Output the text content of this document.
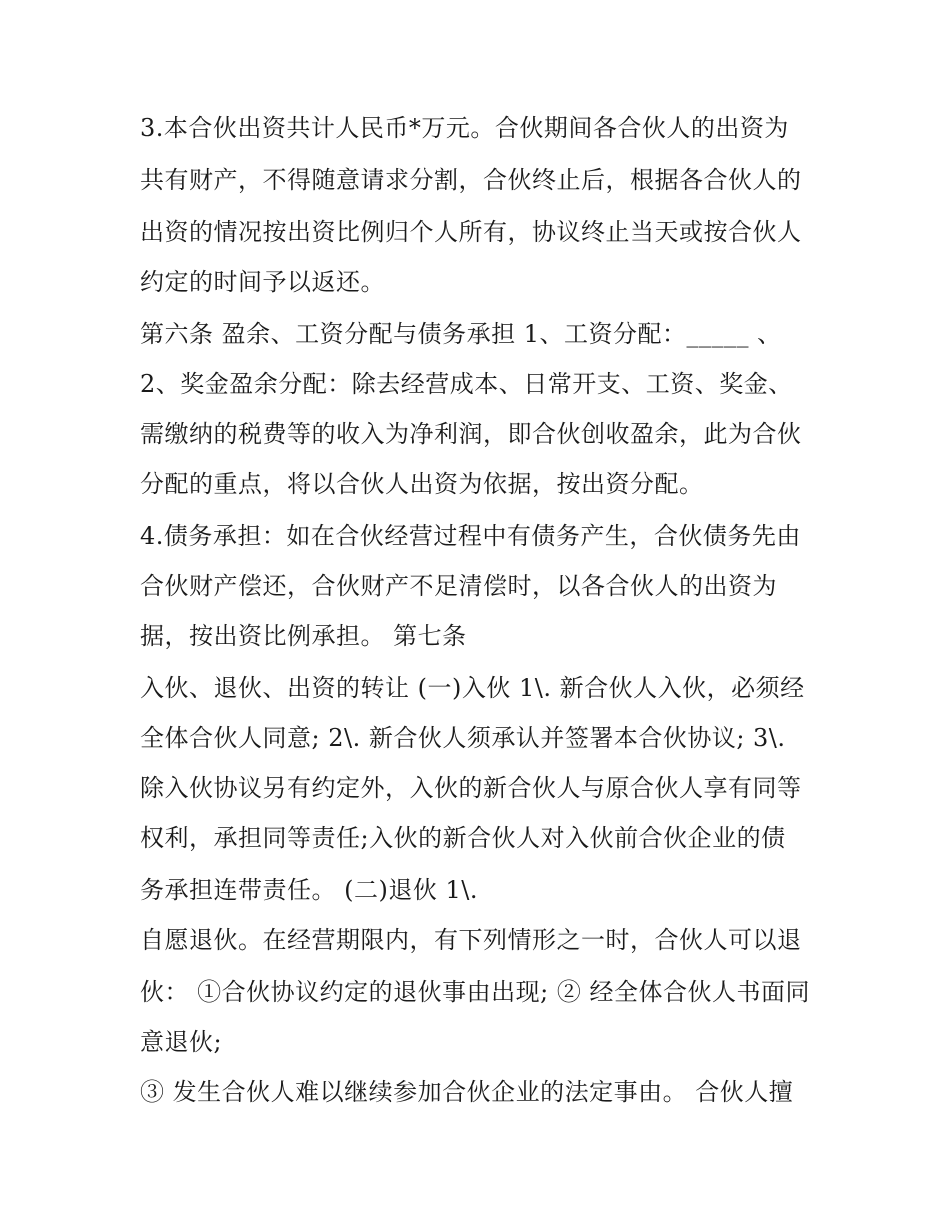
3.本合伙出资共计人民币*万元。合伙期间各合伙人的出资为

共有财产，不得随意请求分割，合伙终止后，根据各合伙人的

出资的情况按出资比例归个人所有，协议终止当天或按合伙人

约定的时间予以返还。

第六条 盈余、工资分配与债务承担 1、工资分配：_____ 、

2、奖金盈余分配：除去经营成本、日常开支、工资、奖金、

需缴纳的税费等的收入为净利润，即合伙创收盈余，此为合伙

分配的重点，将以合伙人出资为依据，按出资分配。

4.债务承担：如在合伙经营过程中有债务产生，合伙债务先由

合伙财产偿还，合伙财产不足清偿时，以各合伙人的出资为

据，按出资比例承担。 第七条

入伙、退伙、出资的转让 (一)入伙 1\. 新合伙人入伙，必须经

全体合伙人同意; 2\. 新合伙人须承认并签署本合伙协议; 3\.

除入伙协议另有约定外，入伙的新合伙人与原合伙人享有同等

权利，承担同等责任;入伙的新合伙人对入伙前合伙企业的债

务承担连带责任。 (二)退伙 1\.

自愿退伙。在经营期限内，有下列情形之一时，合伙人可以退

伙： ①合伙协议约定的退伙事由出现; ② 经全体合伙人书面同

意退伙;

③ 发生合伙人难以继续参加合伙企业的法定事由。 合伙人擅
